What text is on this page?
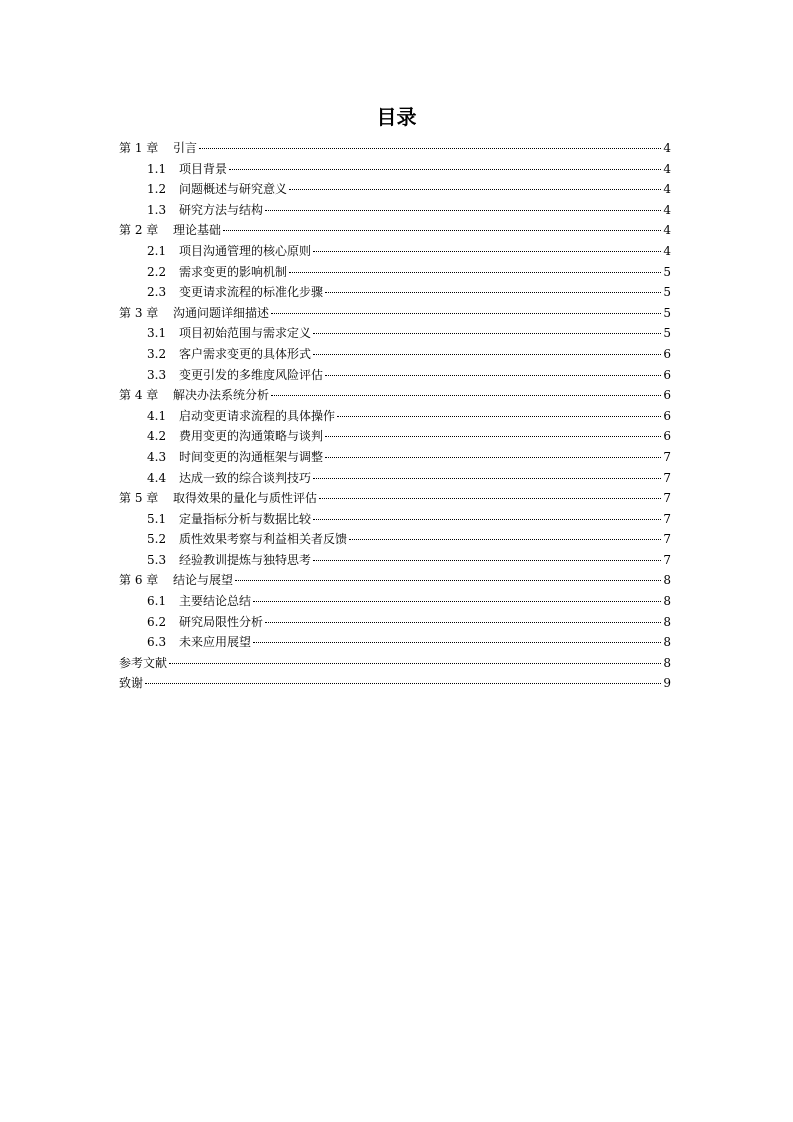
目录
第 1 章	引言	4
1.1	项目背景	4
1.2	问题概述与研究意义	4
1.3	研究方法与结构	4
第 2 章	理论基础	4
2.1	项目沟通管理的核心原则	4
2.2	需求变更的影响机制	5
2.3	变更请求流程的标准化步骤	5
第 3 章	沟通问题详细描述	5
3.1	项目初始范围与需求定义	5
3.2	客户需求变更的具体形式	6
3.3	变更引发的多维度风险评估	6
第 4 章	解决办法系统分析	6
4.1	启动变更请求流程的具体操作	6
4.2	费用变更的沟通策略与谈判	6
4.3	时间变更的沟通框架与调整	7
4.4	达成一致的综合谈判技巧	7
第 5 章	取得效果的量化与质性评估	7
5.1	定量指标分析与数据比较	7
5.2	质性效果考察与利益相关者反馈	7
5.3	经验教训提炼与独特思考	7
第 6 章	结论与展望	8
6.1	主要结论总结	8
6.2	研究局限性分析	8
6.3	未来应用展望	8
参考文献	8
致谢	9
